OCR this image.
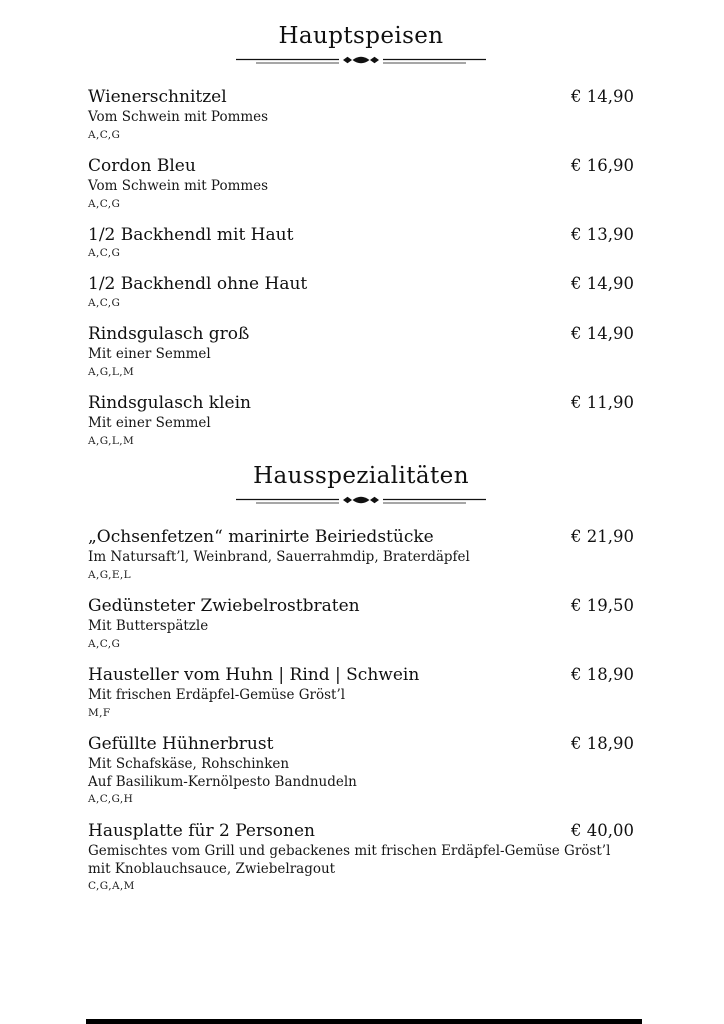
Hauptspeisen
Wienerschnitzel	€ 14,90
Vom Schwein mit Pommes
A,C,G
Cordon Bleu	€ 16,90
Vom Schwein mit Pommes
A,C,G
1/2 Backhendl mit Haut	€ 13,90
A,C,G
1/2 Backhendl ohne Haut	€ 14,90
A,C,G
Rindsgulasch groß	€ 14,90
Mit einer Semmel
A,G,L,M
Rindsgulasch klein	€ 11,90
Mit einer Semmel
A,G,L,M
Hausspezialitäten
„Ochsenfetzen“ marinirte Beiriedstücke	€ 21,90
Im Natursaft’l, Weinbrand, Sauerrahmdip, Braterdäpfel
A,G,E,L
Gedünsteter Zwiebelrostbraten	€ 19,50
Mit Butterspätzle
A,C,G
Hausteller vom Huhn | Rind | Schwein	€ 18,90
Mit frischen Erdäpfel-Gemüse Gröst’l
M,F
Gefüllte Hühnerbrust	€ 18,90
Mit Schafskäse, Rohschinken
Auf Basilikum-Kernölpesto Bandnudeln
A,C,G,H
Hausplatte für 2 Personen	€ 40,00
Gemischtes vom Grill und gebackenes mit frischen Erdäpfel-Gemüse Gröst’l
mit Knoblauchsauce, Zwiebelragout
C,G,A,M
